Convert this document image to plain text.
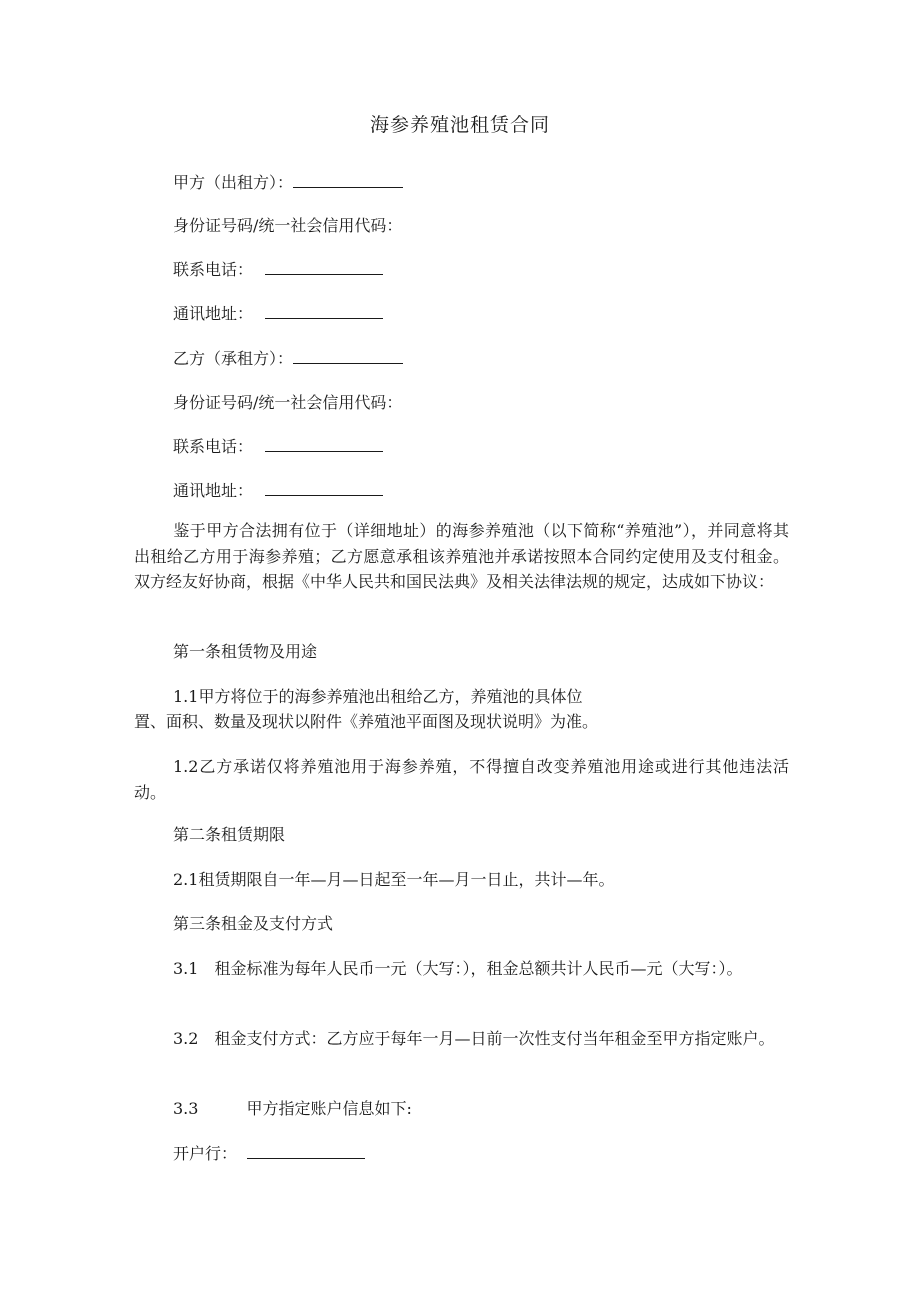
海参养殖池租赁合同
甲方（出租方）：
身份证号码/统一社会信用代码：
联系电话：
通讯地址：
乙方（承租方）：
身份证号码/统一社会信用代码：
联系电话：
通讯地址：
鉴于甲方合法拥有位于（详细地址）的海参养殖池（以下简称“养殖池”），并同意将其出租给乙方用于海参养殖；乙方愿意承租该养殖池并承诺按照本合同约定使用及支付租金。双方经友好协商，根据《中华人民共和国民法典》及相关法律法规的规定，达成如下协议：
第一条租赁物及用途
1.1甲方将位于的海参养殖池出租给乙方，养殖池的具体位
置、面积、数量及现状以附件《养殖池平面图及现状说明》为准。
1.2乙方承诺仅将养殖池用于海参养殖，不得擅自改变养殖池用途或进行其他违法活动。
第二条租赁期限
2.1租赁期限自一年—月—日起至一年—月一日止，共计—年。
第三条租金及支付方式
3.1　租金标准为每年人民币一元（大写：），租金总额共计人民币—元（大写：）。
3.2　租金支付方式：乙方应于每年一月—日前一次性支付当年租金至甲方指定账户。
3.3	甲方指定账户信息如下:
开户行：
